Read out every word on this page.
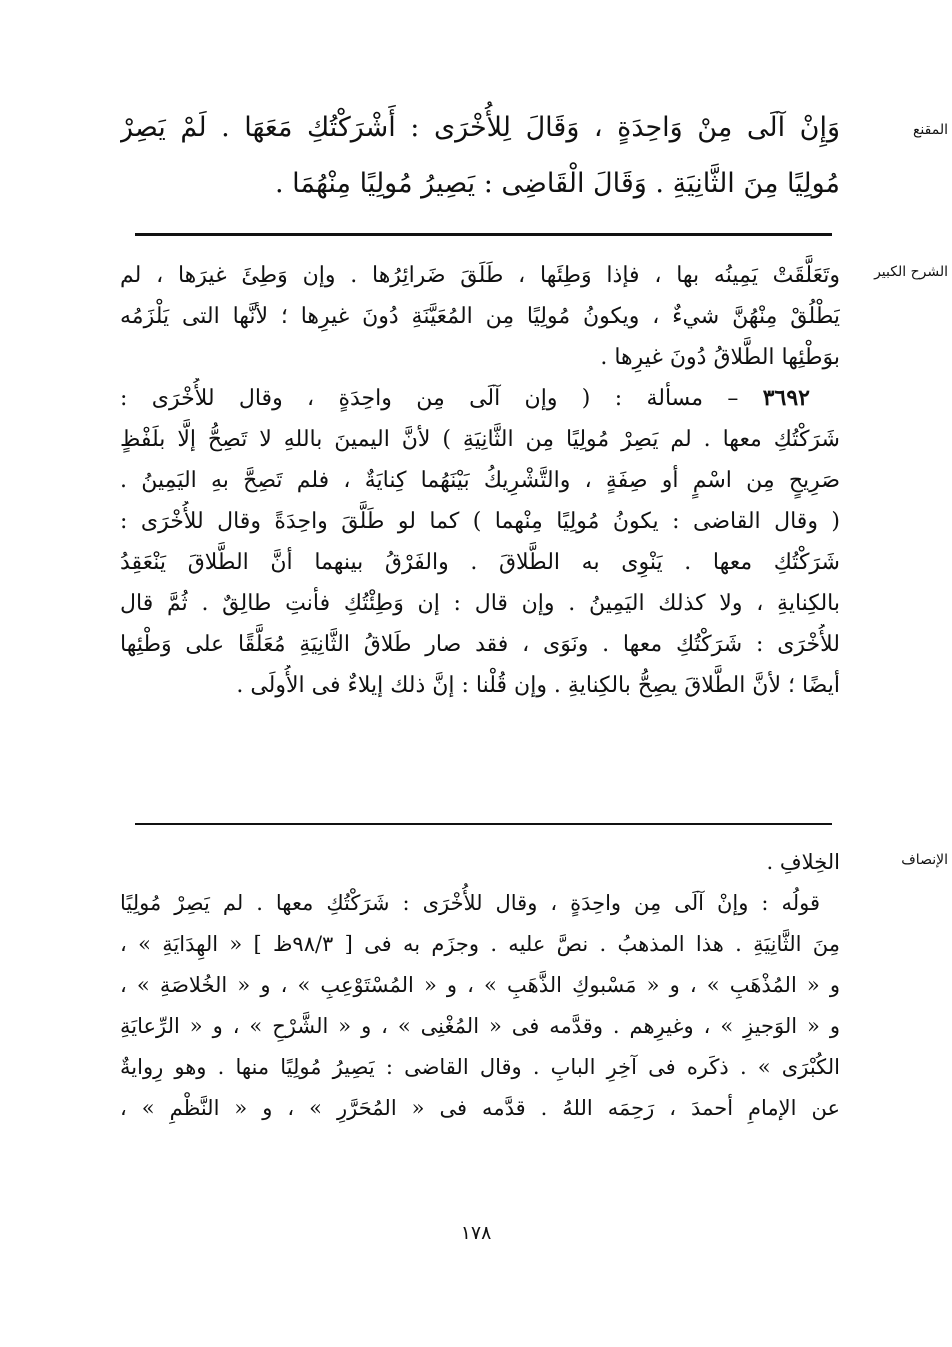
المقنع
وَإِنْ آلَى مِنْ وَاحِدَةٍ ، وَقَالَ لِلأُخْرَى : أَشْرَكْتُكِ مَعَهَا . لَمْ يَصِرْ
مُولِيًا مِنَ الثَّانِيَةِ . وَقَالَ الْقَاضِى : يَصِيرُ مُولِيًا مِنْهُمَا .
الشرح الكبير
وتَعَلَّقَتْ يَمِينُه بها ، فإذا وَطِئَها ، طَلَقَ ضَرائِرُها . وإن وَطِئَ غيرَها ، لم
يَطْلُقْ مِنْهُنَّ شيءٌ ، ويكونُ مُولِيًا مِن المُعَيَّنَةِ دُونَ غيرِها ؛ لأنَّها التى يَلْزَمُه
بوَطْئِها الطَّلاقُ دُونَ غيرِها .
٣٦٩٢ – مسألة : ( وإن آلَى مِن واحِدَةٍ ، وقال للأُخْرَى :
شَرَكْتُكِ معها . لم يَصِرْ مُولِيًا مِن الثَّانِيَةِ ) لأنَّ اليمينَ باللهِ لا تَصِحُّ إلَّا بلَفْظٍ
صَرِيحٍ مِن اسْمٍ أو صِفَةٍ ، والتَّشْرِيكُ بَيْنَهُما كِنايَةٌ ، فلم تَصِحَّ بهِ اليَمِينُ .
( وقال القاضى : يكونُ مُولِيًا مِنْهما ) كما لو طَلَّقَ واحِدَةً وقال للأُخْرَى :
شَرَكْتُكِ معها . يَنْوِى به الطَّلاقَ . والفَرْقُ بينهما أنَّ الطَّلاقَ يَنْعَقِدُ
بالكِنايةِ ، ولا كذلك اليَمِينُ . وإن قال : إن وَطِئْتُكِ فأنتِ طالِقٌ . ثُمَّ قال
للأُخْرَى : شَرَكْتُكِ معها . ونَوَى ، فقد صار طَلاقُ الثَّانِيَةِ مُعَلَّقًا على وَطْئِها
أيضًا ؛ لأنَّ الطَّلاقَ يصِحُّ بالكِنايةِ . وإن قُلْنا : إنَّ ذلك إيلاءٌ فى الأُولَى .
الإنصاف
الخِلافِ .
قولُه : وإنْ آلَى مِن واحِدَةٍ ، وقال للأُخْرَى : شَرَكْتُكِ معها . لم يَصِرْ مُولِيًا
مِنَ الثَّانِيَةِ . هذا المذهبُ . نصَّ عليه . وجزَم به فى [ ٩٨/٣ظ ] « الهِدَايَةِ » ،
و « المُذْهَبِ » ، و « مَسْبوكِ الذَّهَبِ » ، و « المُسْتَوْعِبِ » ، و « الخُلاصَةِ » ،
و « الوَجيزِ » ، وغيرِهم . وقدَّمه فى « المُغْنِى » ، و « الشَّرْحِ » ، و « الرِّعايَةِ
الكُبْرَى » . ذكَره فى آخِرِ البابِ . وقال القاضى : يَصِيرُ مُولِيًا منها . وهو رِوايةٌ
عن الإمامِ أحمدَ ، رَحِمَه اللهُ . قدَّمه فى « المُحَرَّرِ » ، و « النَّظْمِ » ،
١٧٨
